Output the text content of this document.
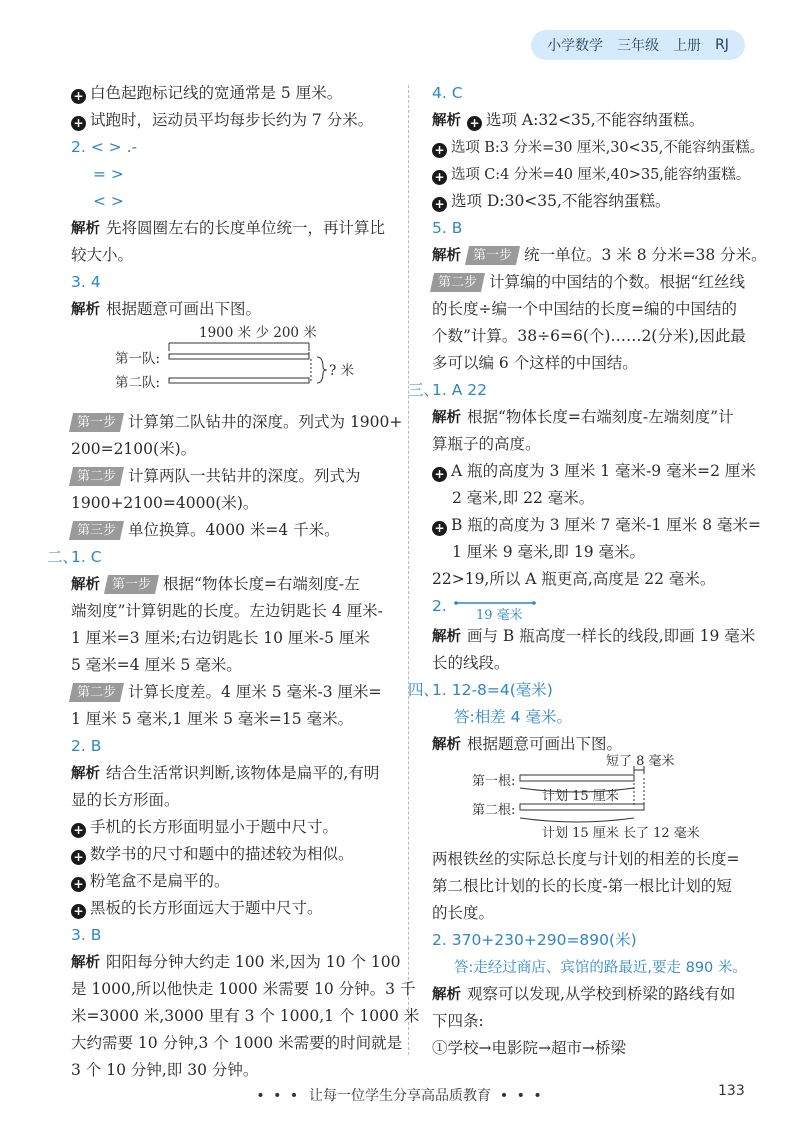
小学数学 三年级 上册 RJ
+ 白色起跑标记线的宽通常是 5 厘米。
+ 试跑时，运动员平均每步长约为 7 分米。
2. < > .-
= >
< >
解析 先将圆圈左右的长度单位统一，再计算比
较大小。
3. 4
解析 根据题意可画出下图。
1900 米 少 200 米
第一队:
第二队:
? 米
第一步 计算第二队钻井的深度。列式为 1900+
200=2100(米)。
第二步 计算两队一共钻井的深度。列式为
1900+2100=4000(米)。
第三步 单位换算。4000 米=4 千米。
二、
1. C
解析 第一步 根据“物体长度=右端刻度-左
端刻度”计算钥匙的长度。左边钥匙长 4 厘米-
1 厘米=3 厘米;右边钥匙长 10 厘米-5 厘米
5 毫米=4 厘米 5 毫米。
第二步 计算长度差。4 厘米 5 毫米-3 厘米=
1 厘米 5 毫米,1 厘米 5 毫米=15 毫米。
2. B
解析 结合生活常识判断,该物体是扁平的,有明
显的长方形面。
+ 手机的长方形面明显小于题中尺寸。
+ 数学书的尺寸和题中的描述较为相似。
+ 粉笔盒不是扁平的。
+ 黑板的长方形面远大于题中尺寸。
3. B
解析 阳阳每分钟大约走 100 米,因为 10 个 100
是 1000,所以他快走 1000 米需要 10 分钟。3 千
米=3000 米,3000 里有 3 个 1000,1 个 1000 米
大约需要 10 分钟,3 个 1000 米需要的时间就是
3 个 10 分钟,即 30 分钟。
4. C
解析 + 选项 A:32<35,不能容纳蛋糕。
+ 选项 B:3 分米=30 厘米,30<35,不能容纳蛋糕。
+ 选项 C:4 分米=40 厘米,40>35,能容纳蛋糕。
+ 选项 D:30<35,不能容纳蛋糕。
5. B
解析 第一步 统一单位。3 米 8 分米=38 分米。
第二步 计算编的中国结的个数。根据“红丝线
的长度÷编一个中国结的长度=编的中国结的
个数”计算。38÷6=6(个)……2(分米),因此最
多可以编 6 个这样的中国结。
三、
1. A 22
解析 根据“物体长度=右端刻度-左端刻度”计
算瓶子的高度。
+ A 瓶的高度为 3 厘米 1 毫米-9 毫米=2 厘米
2 毫米,即 22 毫米。
+ B 瓶的高度为 3 厘米 7 毫米-1 厘米 8 毫米=
1 厘米 9 毫米,即 19 毫米。
22>19,所以 A 瓶更高,高度是 22 毫米。
2.
19 毫米
解析 画与 B 瓶高度一样长的线段,即画 19 毫米
长的线段。
四、
1. 12-8=4(毫米)
答:相差 4 毫米。
解析 根据题意可画出下图。
短了 8 毫米
第一根:
第二根:
计划 15 厘米
计划 15 厘米 长了 12 毫米
两根铁丝的实际总长度与计划的相差的长度=
第二根比计划的长的长度-第一根比计划的短
的长度。
2. 370+230+290=890(米)
答:走经过商店、宾馆的路最近,要走 890 米。
解析 观察可以发现,从学校到桥梁的路线有如
下四条:
①学校→电影院→超市→桥梁
• • • 让每一位学生分享高品质教育 • • •	133
